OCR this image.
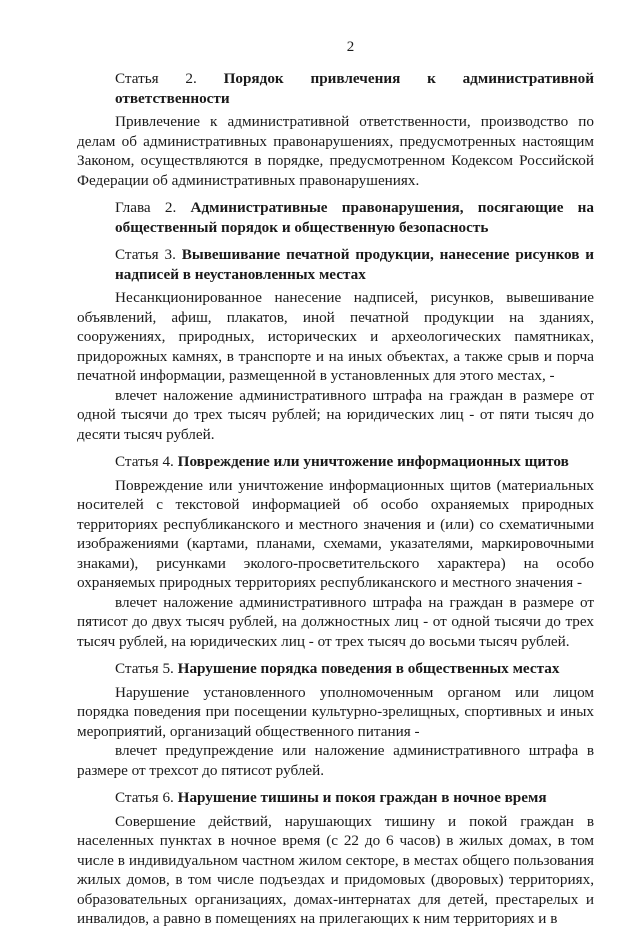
2
Статья 2. Порядок привлечения к административной
ответственности

Привлечение к административной ответственности, производство по делам об административных правонарушениях, предусмотренных настоящим Законом, осуществляются в порядке, предусмотренном Кодексом Российской Федерации об административных правонарушениях.

Глава 2. Административные правонарушения, посягающие на
общественный порядок и общественную безопасность
Статья 3. Вывешивание печатной продукции, нанесение рисунков и
надписей в неустановленных местах

Несанкционированное нанесение надписей, рисунков, вывешивание объявлений, афиш, плакатов, иной печатной продукции на зданиях, сооружениях, природных, исторических и археологических памятниках, придорожных камнях, в транспорте и на иных объектах, а также срыв и порча печатной информации, размещенной в установленных для этого местах, -

влечет наложение административного штрафа на граждан в размере от одной тысячи до трех тысяч рублей; на юридических лиц - от пяти тысяч до десяти тысяч рублей.

Статья 4. Повреждение или уничтожение информационных щитов

Повреждение или уничтожение информационных щитов (материальных носителей с текстовой информацией об особо охраняемых природных территориях республиканского и местного значения и (или) со схематичными изображениями (картами, планами, схемами, указателями, маркировочными знаками), рисунками эколого-просветительского характера) на особо охраняемых природных территориях республиканского и местного значения -

влечет наложение административного штрафа на граждан в размере от пятисот до двух тысяч рублей, на должностных лиц - от одной тысячи до трех тысяч рублей, на юридических лиц - от трех тысяч до восьми тысяч рублей.

Статья 5. Нарушение порядка поведения в общественных местах

Нарушение установленного уполномоченным органом или лицом порядка поведения при посещении культурно-зрелищных, спортивных и иных мероприятий, организаций общественного питания -

влечет предупреждение или наложение административного штрафа в размере от трехсот до пятисот рублей.

Статья 6. Нарушение тишины и покоя граждан в ночное время

Совершение действий, нарушающих тишину и покой граждан в населенных пунктах в ночное время (с 22 до 6 часов) в жилых домах, в том числе в индивидуальном частном жилом секторе, в местах общего пользования жилых домов, в том числе подъездах и придомовых (дворовых) территориях, образовательных организациях, домах-интернатах для детей, престарелых и инвалидов, а равно в помещениях на прилегающих к ним территориях и в
